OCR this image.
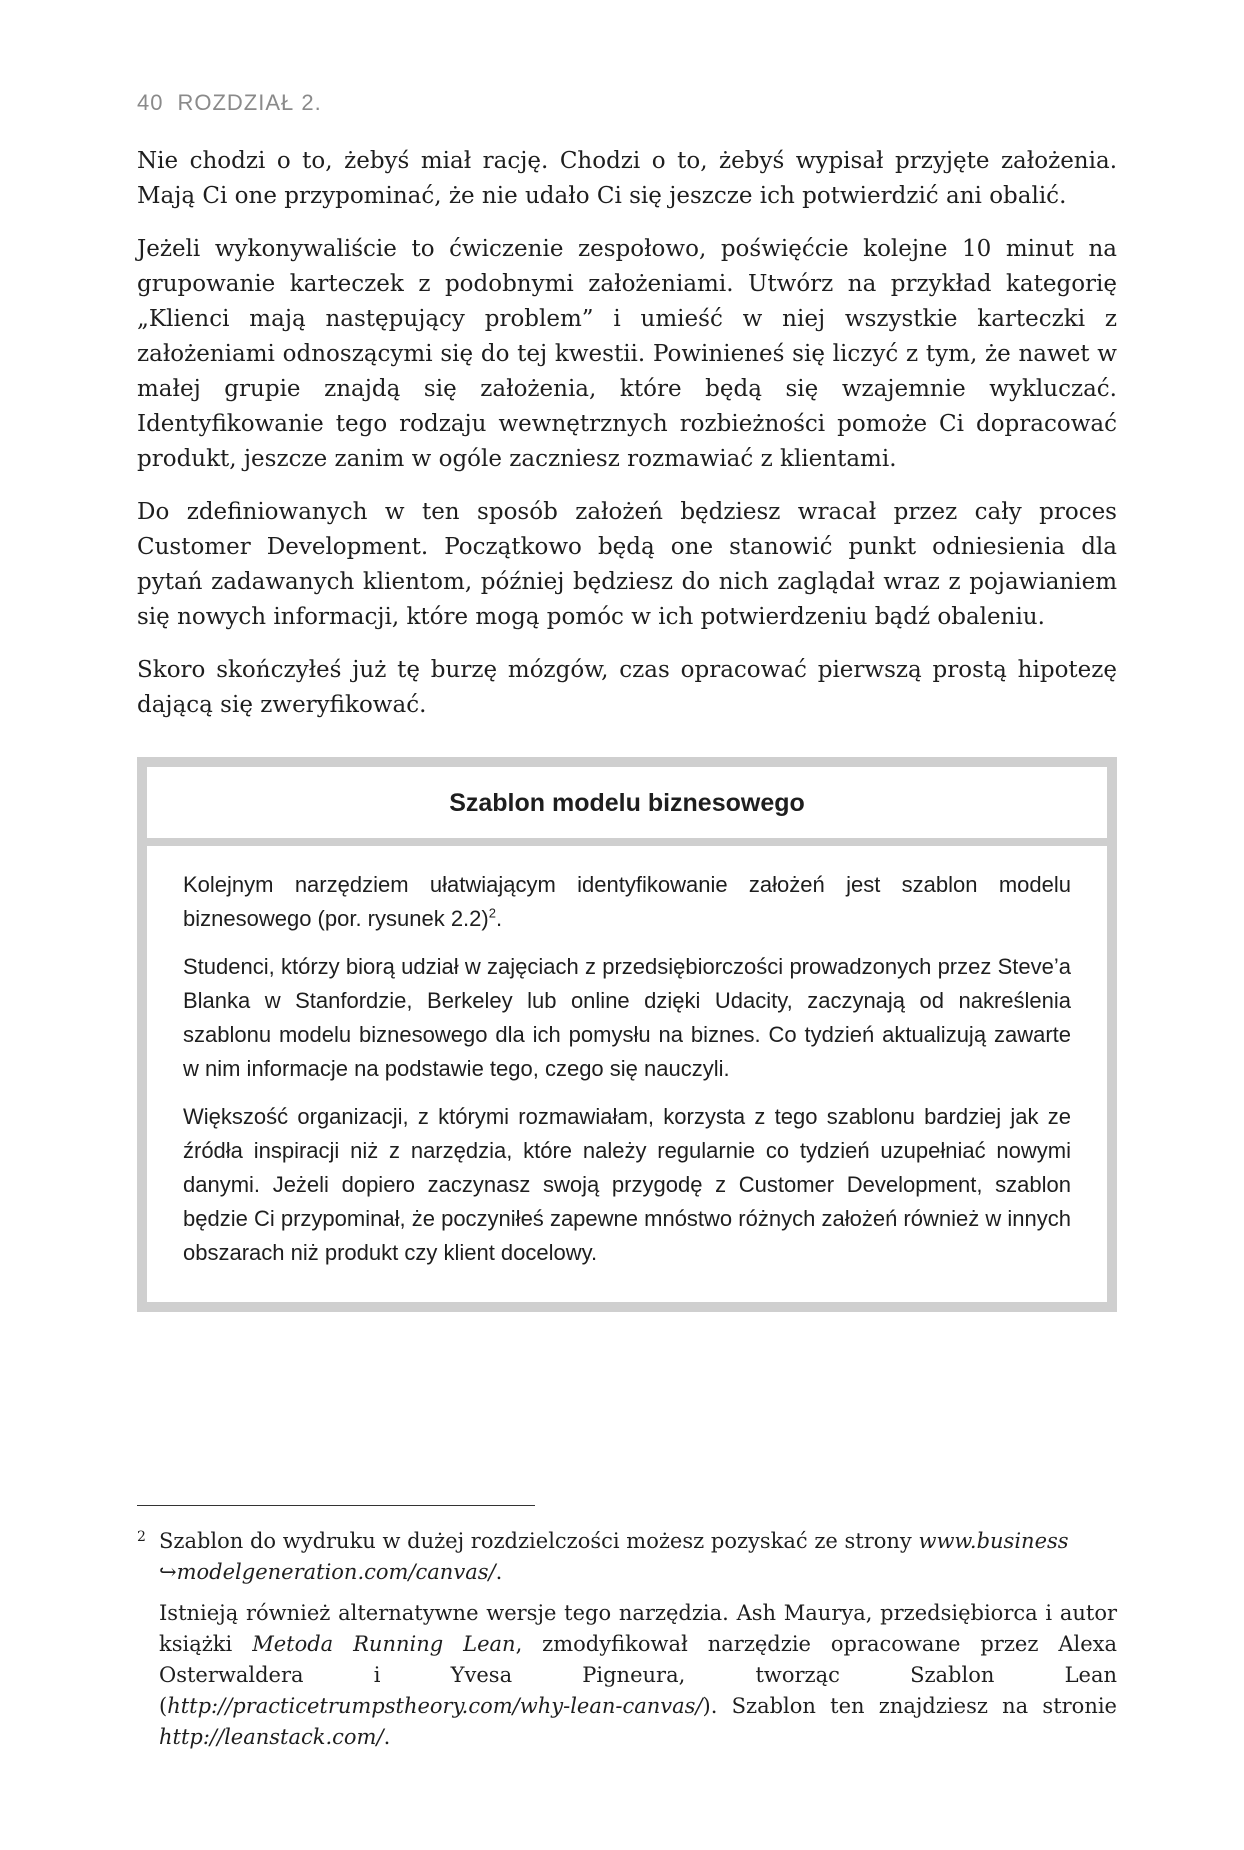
40 ROZDZIAŁ 2.

Nie chodzi o to, żebyś miał rację. Chodzi o to, żebyś wypisał przyjęte założenia. Mają Ci one przypominać, że nie udało Ci się jeszcze ich potwierdzić ani obalić.

Jeżeli wykonywaliście to ćwiczenie zespołowo, poświęćcie kolejne 10 minut na grupowanie karteczek z podobnymi założeniami. Utwórz na przykład kategorię „Klienci mają następujący problem” i umieść w niej wszystkie karteczki z założeniami odnoszącymi się do tej kwestii. Powinieneś się liczyć z tym, że nawet w małej grupie znajdą się założenia, które będą się wzajemnie wykluczać. Identyfikowanie tego rodzaju wewnętrznych rozbieżności pomoże Ci dopracować produkt, jeszcze zanim w ogóle zaczniesz rozmawiać z klientami.

Do zdefiniowanych w ten sposób założeń będziesz wracał przez cały proces Customer Development. Początkowo będą one stanowić punkt odniesienia dla pytań zadawanych klientom, później będziesz do nich zaglądał wraz z pojawianiem się nowych informacji, które mogą pomóc w ich potwierdzeniu bądź obaleniu.

Skoro skończyłeś już tę burzę mózgów, czas opracować pierwszą prostą hipotezę dającą się zweryfikować.

Szablon modelu biznesowego

Kolejnym narzędziem ułatwiającym identyfikowanie założeń jest szablon modelu biznesowego (por. rysunek 2.2)$^2$.

Studenci, którzy biorą udział w zajęciach z przedsiębiorczości prowadzonych przez Steve’a Blanka w Stanfordzie, Berkeley lub online dzięki Udacity, zaczynają od nakreślenia szablonu modelu biznesowego dla ich pomysłu na biznes. Co tydzień aktualizują zawarte w nim informacje na podstawie tego, czego się nauczyli.

Większość organizacji, z którymi rozmawiałam, korzysta z tego szablonu bardziej jak ze źródła inspiracji niż z narzędzia, które należy regularnie co tydzień uzupełniać nowymi danymi. Jeżeli dopiero zaczynasz swoją przygodę z Customer Development, szablon będzie Ci przypominał, że poczyniłeś zapewne mnóstwo różnych założeń również w innych obszarach niż produkt czy klient docelowy.

2 Szablon do wydruku w dużej rozdzielczości możesz pozyskać ze strony www.business
↪modelgeneration.com/canvas/.

Istnieją również alternatywne wersje tego narzędzia. Ash Maurya, przedsiębiorca i autor książki Metoda Running Lean, zmodyfikował narzędzie opracowane przez Alexa Osterwaldera i Yvesa Pigneura, tworząc Szablon Lean (http://practicetrumpstheory.com/why-lean-canvas/). Szablon ten znajdziesz na stronie http://leanstack.com/.
